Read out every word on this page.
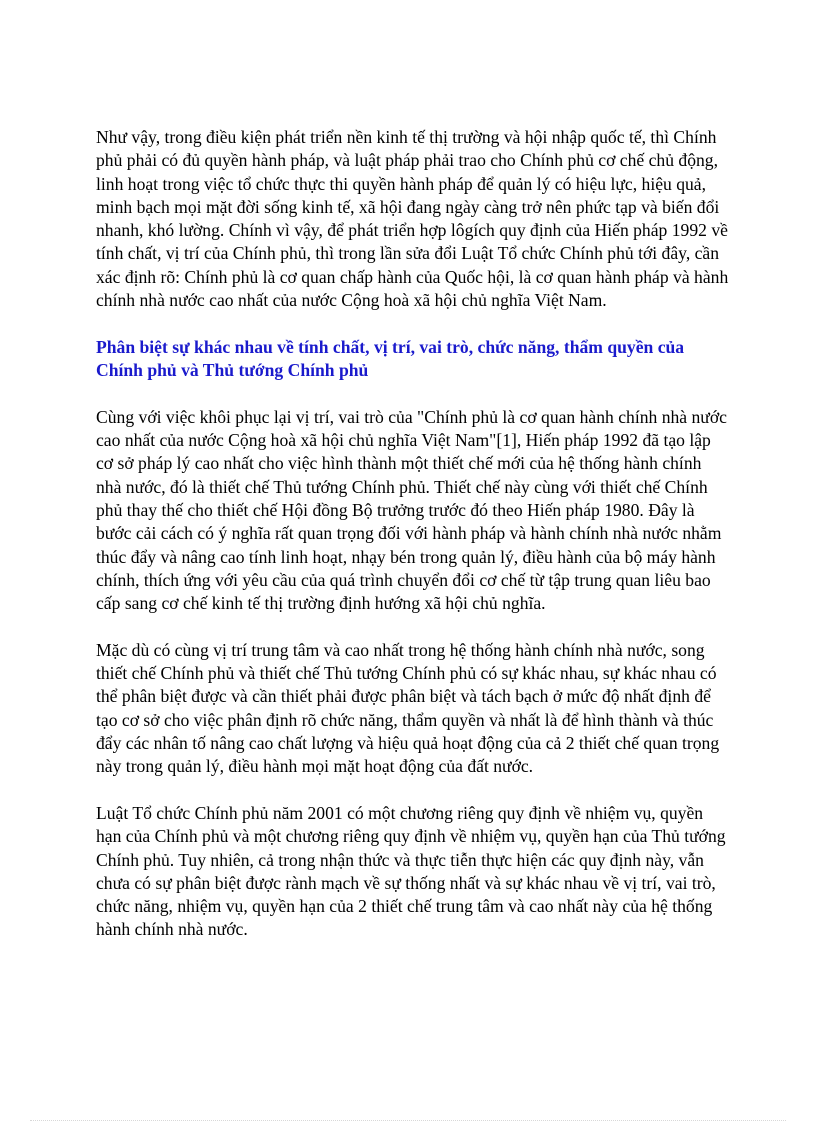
Như vậy, trong điều kiện phát triển nền kinh tế thị trường và hội nhập quốc tế, thì Chính phủ phải có đủ quyền hành pháp, và luật pháp phải trao cho Chính phủ cơ chế chủ động, linh hoạt trong việc tổ chức thực thi quyền hành pháp để quản lý có hiệu lực, hiệu quả, minh bạch mọi mặt đời sống kinh tế, xã hội đang ngày càng trở nên phức tạp và biến đổi nhanh, khó lường. Chính vì vậy, để phát triển hợp lôgích quy định của Hiến pháp 1992 về tính chất, vị trí của Chính phủ, thì trong lần sửa đổi Luật Tổ chức Chính phủ tới đây, cần xác định rõ: Chính phủ là cơ quan chấp hành của Quốc hội, là cơ quan hành pháp và hành chính nhà nước cao nhất của nước Cộng hoà xã hội chủ nghĩa Việt Nam.

Phân biệt sự khác nhau về tính chất, vị trí, vai trò, chức năng, thẩm quyền của Chính phủ và Thủ tướng Chính phủ

Cùng với việc khôi phục lại vị trí, vai trò của "Chính phủ là cơ quan hành chính nhà nước cao nhất của nước Cộng hoà xã hội chủ nghĩa Việt Nam"[1], Hiến pháp 1992 đã tạo lập cơ sở pháp lý cao nhất cho việc hình thành một thiết chế mới của hệ thống hành chính nhà nước, đó là thiết chế Thủ tướng Chính phủ. Thiết chế này cùng với thiết chế Chính phủ thay thế cho thiết chế Hội đồng Bộ trưởng trước đó theo Hiến pháp 1980. Đây là bước cải cách có ý nghĩa rất quan trọng đối với hành pháp và hành chính nhà nước nhằm thúc đẩy và nâng cao tính linh hoạt, nhạy bén trong quản lý, điều hành của bộ máy hành chính, thích ứng với yêu cầu của quá trình chuyển đổi cơ chế từ tập trung quan liêu bao cấp sang cơ chế kinh tế thị trường định hướng xã hội chủ nghĩa.

Mặc dù có cùng vị trí trung tâm và cao nhất trong hệ thống hành chính nhà nước, song thiết chế Chính phủ và thiết chế Thủ tướng Chính phủ có sự khác nhau, sự khác nhau có thể phân biệt được và cần thiết phải được phân biệt và tách bạch ở mức độ nhất định để tạo cơ sở cho việc phân định rõ chức năng, thẩm quyền và nhất là để hình thành và thúc đẩy các nhân tố nâng cao chất lượng và hiệu quả hoạt động của cả 2 thiết chế quan trọng này trong quản lý, điều hành mọi mặt hoạt động của đất nước.

Luật Tổ chức Chính phủ năm 2001 có một chương riêng quy định về nhiệm vụ, quyền hạn của Chính phủ và một chương riêng quy định về nhiệm vụ, quyền hạn của Thủ tướng Chính phủ. Tuy nhiên, cả trong nhận thức và thực tiễn thực hiện các quy định này, vẫn chưa có sự phân biệt được rành mạch về sự thống nhất và sự khác nhau về vị trí, vai trò, chức năng, nhiệm vụ, quyền hạn của 2 thiết chế trung tâm và cao nhất này của hệ thống hành chính nhà nước.
